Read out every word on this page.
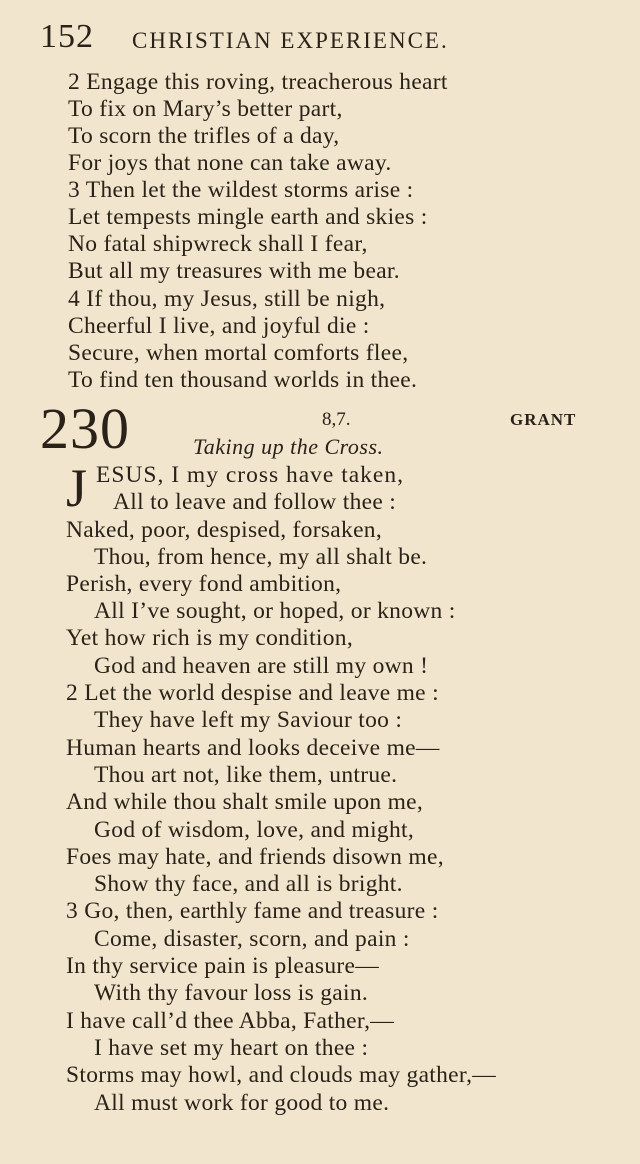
152 CHRISTIAN EXPERIENCE.
2 Engage this roving, treacherous heart
To fix on Mary’s better part,
To scorn the trifles of a day,
For joys that none can take away.
3 Then let the wildest storms arise :
Let tempests mingle earth and skies :
No fatal shipwreck shall I fear,
But all my treasures with me bear.
4 If thou, my Jesus, still be nigh,
Cheerful I live, and joyful die :
Secure, when mortal comforts flee,
To find ten thousand worlds in thee.
230	8,7.	GRANT
Taking up the Cross.
J ESUS, I my cross have taken,
All to leave and follow thee :
Naked, poor, despised, forsaken,
Thou, from hence, my all shalt be.
Perish, every fond ambition,
All I’ve sought, or hoped, or known :
Yet how rich is my condition,
God and heaven are still my own !
2 Let the world despise and leave me :
They have left my Saviour too :
Human hearts and looks deceive me—
Thou art not, like them, untrue.
And while thou shalt smile upon me,
God of wisdom, love, and might,
Foes may hate, and friends disown me,
Show thy face, and all is bright.
3 Go, then, earthly fame and treasure :
Come, disaster, scorn, and pain :
In thy service pain is pleasure—
With thy favour loss is gain.
I have call’d thee Abba, Father,—
I have set my heart on thee :
Storms may howl, and clouds may gather,—
All must work for good to me.
